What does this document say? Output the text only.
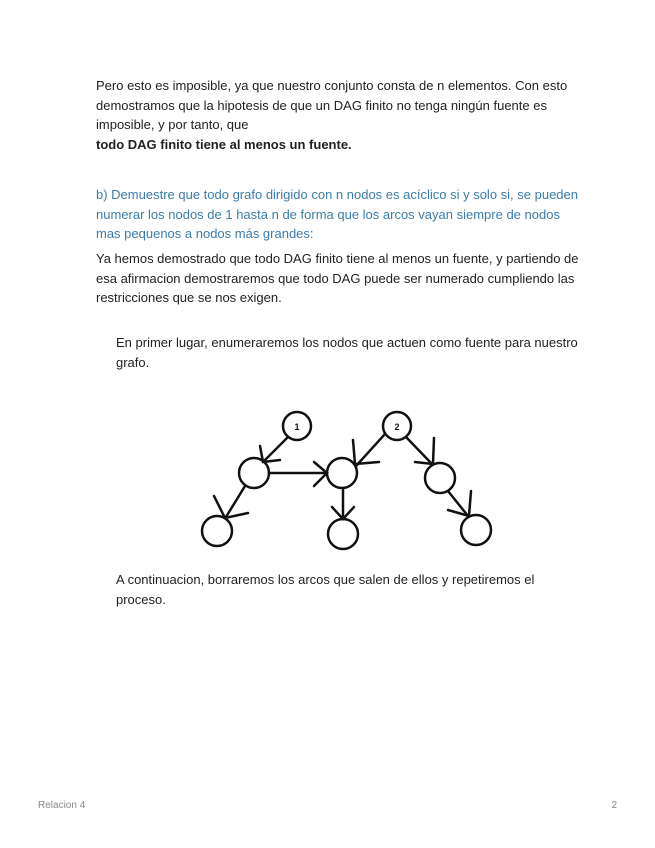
Pero esto es imposible, ya que nuestro conjunto consta de n elementos. Con esto
demostramos que la hipotesis de que un DAG finito no tenga ningún fuente es
imposible, y por tanto, que
todo DAG finito tiene al menos un fuente.

b) Demuestre que todo grafo dirigido con n nodos es acíclico si y solo si, se pueden
numerar los nodos de 1 hasta n de forma que los arcos vayan siempre de nodos
mas pequenos a nodos más grandes:

Ya hemos demostrado que todo DAG finito tiene al menos un fuente, y partiendo de
esa afirmacion demostraremos que todo DAG puede ser numerado cumpliendo las
restricciones que se nos exigen.

En primer lugar, enumeraremos los nodos que actuen como fuente para nuestro
grafo.

1	2

A continuacion, borraremos los arcos que salen de ellos y repetiremos el
proceso.

Relacion 4	2
